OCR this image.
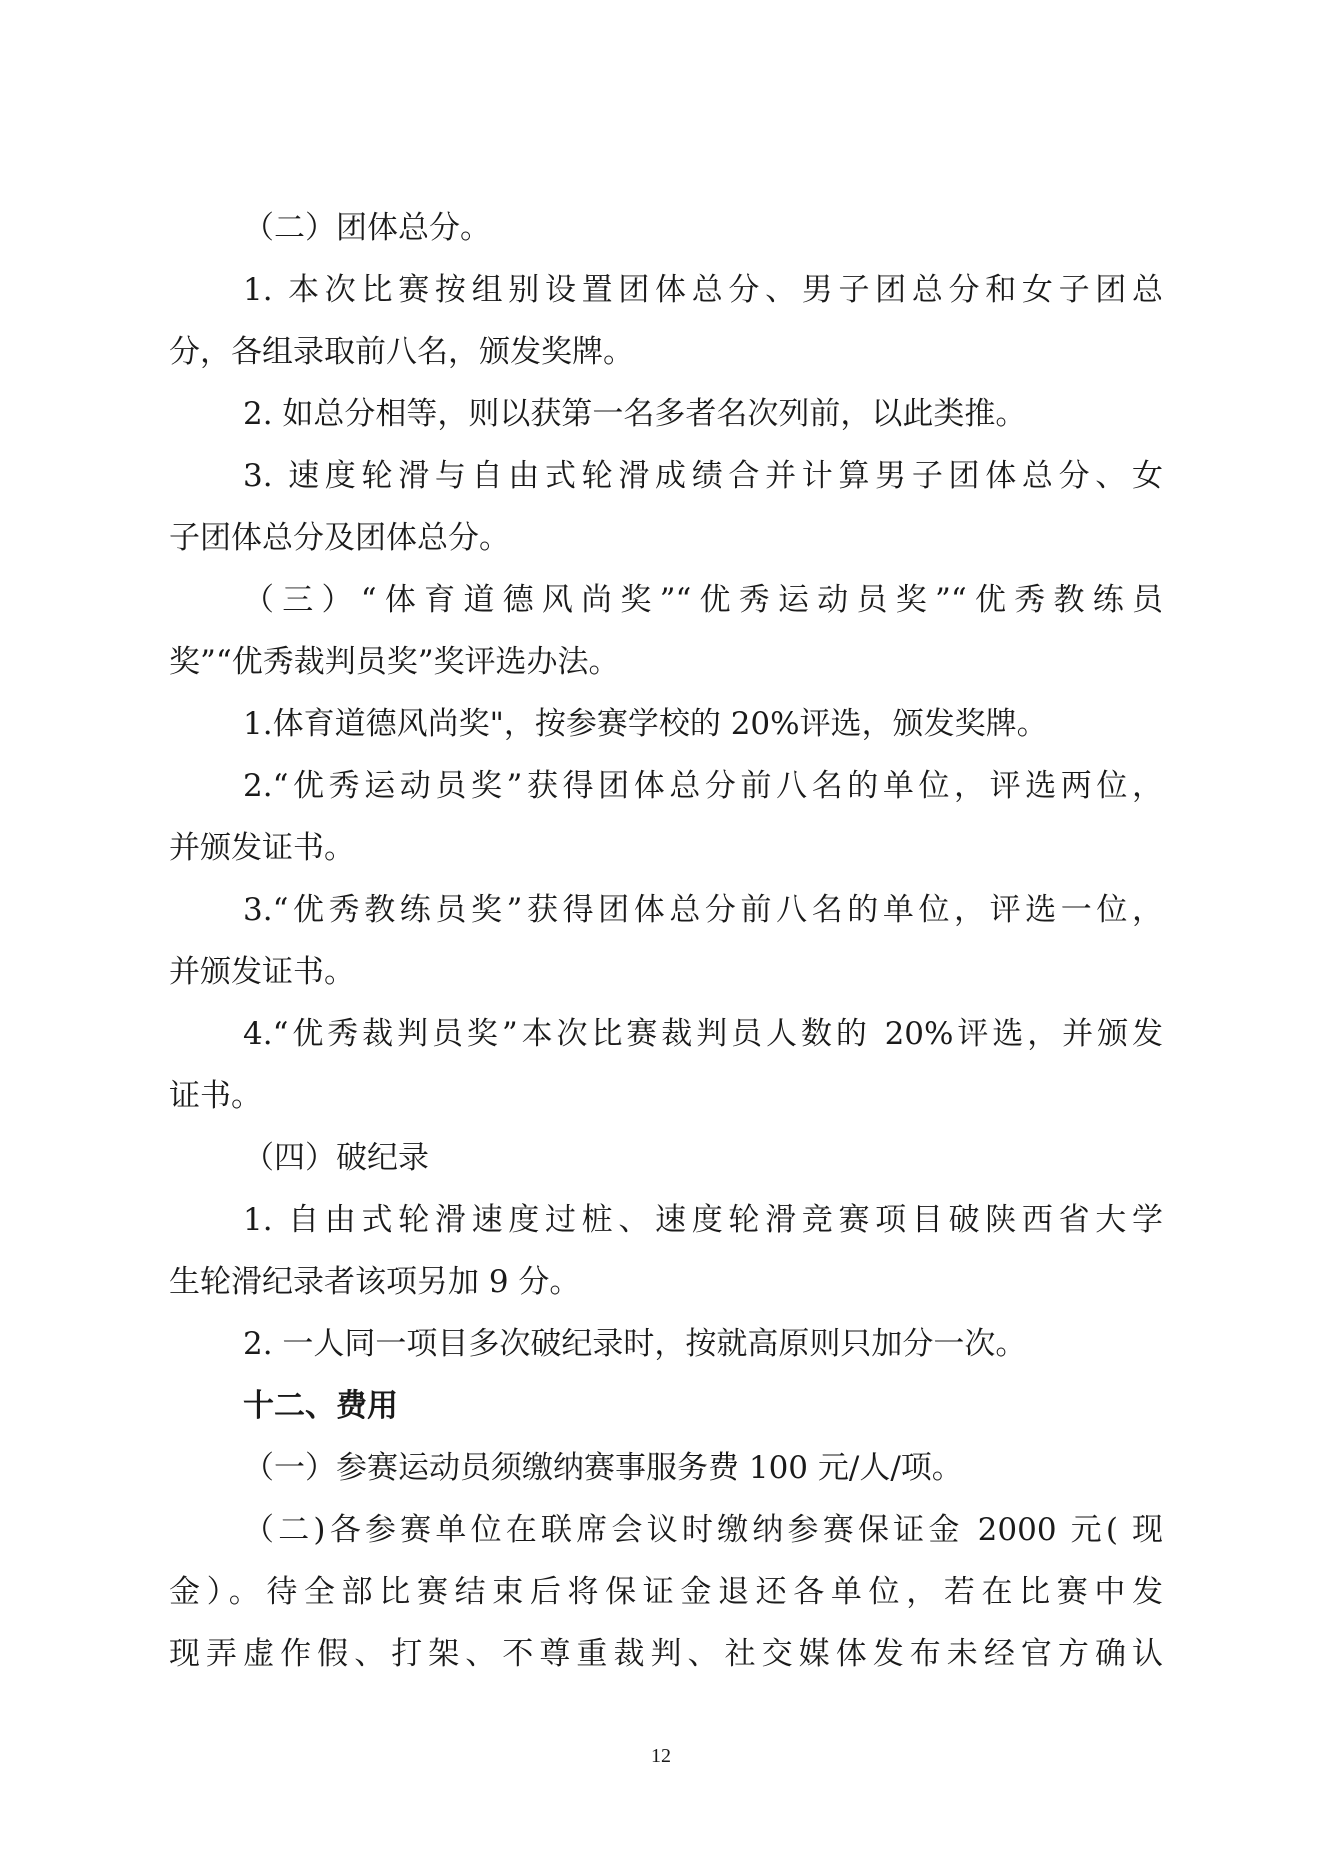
（二）团体总分。
1. 本次比赛按组别设置团体总分、男子团总分和女子团总
分，各组录取前八名，颁发奖牌。
2. 如总分相等，则以获第一名多者名次列前，以此类推。
3. 速度轮滑与自由式轮滑成绩合并计算男子团体总分、女
子团体总分及团体总分。
（三）“体育道德风尚奖”“优秀运动员奖”“优秀教练员
奖”“优秀裁判员奖”奖评选办法。
1.体育道德风尚奖"，按参赛学校的 20%评选，颁发奖牌。
2.“优秀运动员奖”获得团体总分前八名的单位，评选两位，
并颁发证书。
3.“优秀教练员奖”获得团体总分前八名的单位，评选一位，
并颁发证书。
4.“优秀裁判员奖”本次比赛裁判员人数的 20%评选，并颁发
证书。
（四）破纪录
1. 自由式轮滑速度过桩、速度轮滑竞赛项目破陕西省大学
生轮滑纪录者该项另加 9 分。
2. 一人同一项目多次破纪录时，按就高原则只加分一次。
十二、费用
（一）参赛运动员须缴纳赛事服务费 100 元/人/项。
（二)各参赛单位在联席会议时缴纳参赛保证金 2000 元( 现
金）。待全部比赛结束后将保证金退还各单位，若在比赛中发
现弄虚作假、打架、不尊重裁判、社交媒体发布未经官方确认
12
